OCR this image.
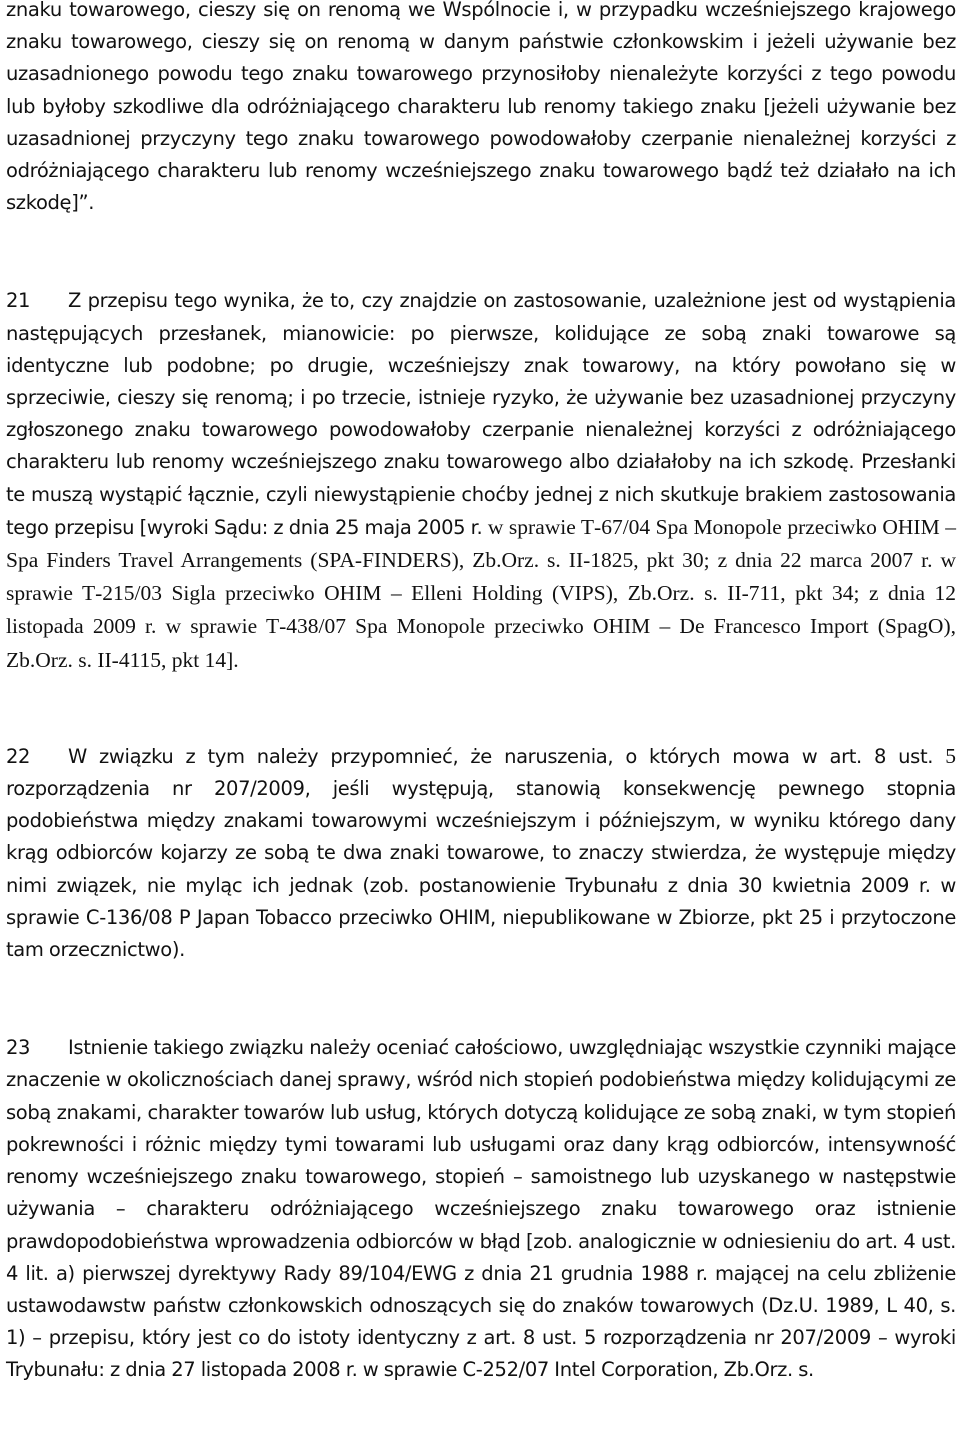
znaku towarowego, cieszy się on renomą we Wspólnocie i, w przypadku wcześniejszego krajowego znaku towarowego, cieszy się on renomą w danym państwie członkowskim i jeżeli używanie bez uzasadnionego powodu tego znaku towarowego przynosiłoby nienależyte korzyści z tego powodu lub byłoby szkodliwe dla odróżniającego charakteru lub renomy takiego znaku [jeżeli używanie bez uzasadnionej przyczyny tego znaku towarowego powodowałoby czerpanie nienależnej korzyści z odróżniającego charakteru lub renomy wcześniejszego znaku towarowego bądź też działało na ich szkodę]”.

21 Z przepisu tego wynika, że to, czy znajdzie on zastosowanie, uzależnione jest od wystąpienia następujących przesłanek, mianowicie: po pierwsze, kolidujące ze sobą znaki towarowe są identyczne lub podobne; po drugie, wcześniejszy znak towarowy, na który powołano się w sprzeciwie, cieszy się renomą; i po trzecie, istnieje ryzyko, że używanie bez uzasadnionej przyczyny zgłoszonego znaku towarowego powodowałoby czerpanie nienależnej korzyści z odróżniającego charakteru lub renomy wcześniejszego znaku towarowego albo działałoby na ich szkodę. Przesłanki te muszą wystąpić łącznie, czyli niewystąpienie choćby jednej z nich skutkuje brakiem zastosowania tego przepisu [wyroki Sądu: z dnia 25 maja 2005 r. w sprawie T‑67/04 Spa Monopole przeciwko OHIM – Spa Finders Travel Arrangements (SPA-FINDERS), Zb.Orz. s. II‑1825, pkt 30; z dnia 22 marca 2007 r. w sprawie T‑215/03 Sigla przeciwko OHIM – Elleni Holding (VIPS), Zb.Orz. s. II‑711, pkt 34; z dnia 12 listopada 2009 r. w sprawie T‑438/07 Spa Monopole przeciwko OHIM – De Francesco Import (SpagO), Zb.Orz. s. II‑4115, pkt 14].

22 W związku z tym należy przypomnieć, że naruszenia, o których mowa w art. 8 ust. 5 rozporządzenia nr 207/2009, jeśli występują, stanowią konsekwencję pewnego stopnia podobieństwa między znakami towarowymi wcześniejszym i późniejszym, w wyniku którego dany krąg odbiorców kojarzy ze sobą te dwa znaki towarowe, to znaczy stwierdza, że występuje między nimi związek, nie myląc ich jednak (zob. postanowienie Trybunału z dnia 30 kwietnia 2009 r. w sprawie C‑136/08 P Japan Tobacco przeciwko OHIM, niepublikowane w Zbiorze, pkt 25 i przytoczone tam orzecznictwo).

23 Istnienie takiego związku należy oceniać całościowo, uwzględniając wszystkie czynniki mające znaczenie w okolicznościach danej sprawy, wśród nich stopień podobieństwa między kolidującymi ze sobą znakami, charakter towarów lub usług, których dotyczą kolidujące ze sobą znaki, w tym stopień pokrewności i różnic między tymi towarami lub usługami oraz dany krąg odbiorców, intensywność renomy wcześniejszego znaku towarowego, stopień – samoistnego lub uzyskanego w następstwie używania – charakteru odróżniającego wcześniejszego znaku towarowego oraz istnienie prawdopodobieństwa wprowadzenia odbiorców w błąd [zob. analogicznie w odniesieniu do art. 4 ust. 4 lit. a) pierwszej dyrektywy Rady 89/104/EWG z dnia 21 grudnia 1988 r. mającej na celu zbliżenie ustawodawstw państw członkowskich odnoszących się do znaków towarowych (Dz.U. 1989, L 40, s. 1) – przepisu, który jest co do istoty identyczny z art. 8 ust. 5 rozporządzenia nr 207/2009 – wyroki Trybunału: z dnia 27 listopada 2008 r. w sprawie C‑252/07 Intel Corporation, Zb.Orz. s.
